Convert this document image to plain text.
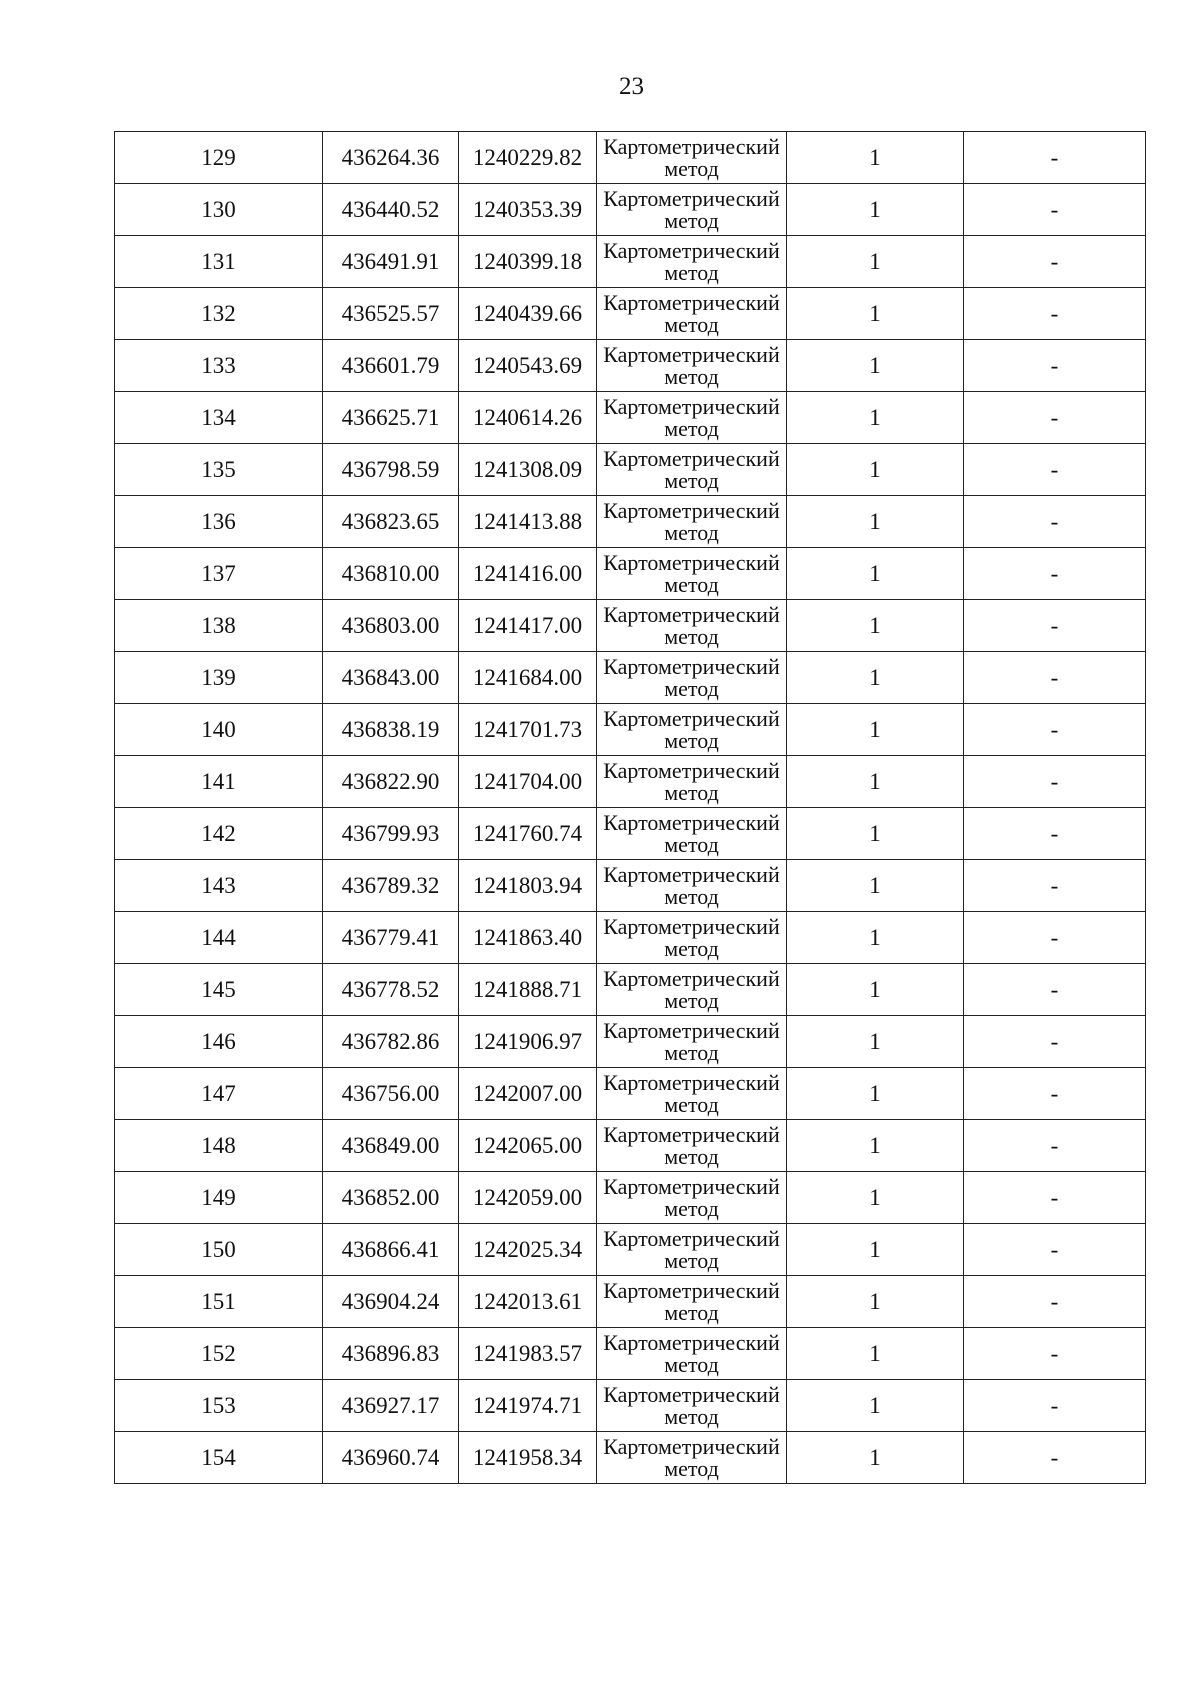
23
129	436264.36	1240229.82	Картометрический метод	1	-
130	436440.52	1240353.39	Картометрический метод	1	-
131	436491.91	1240399.18	Картометрический метод	1	-
132	436525.57	1240439.66	Картометрический метод	1	-
133	436601.79	1240543.69	Картометрический метод	1	-
134	436625.71	1240614.26	Картометрический метод	1	-
135	436798.59	1241308.09	Картометрический метод	1	-
136	436823.65	1241413.88	Картометрический метод	1	-
137	436810.00	1241416.00	Картометрический метод	1	-
138	436803.00	1241417.00	Картометрический метод	1	-
139	436843.00	1241684.00	Картометрический метод	1	-
140	436838.19	1241701.73	Картометрический метод	1	-
141	436822.90	1241704.00	Картометрический метод	1	-
142	436799.93	1241760.74	Картометрический метод	1	-
143	436789.32	1241803.94	Картометрический метод	1	-
144	436779.41	1241863.40	Картометрический метод	1	-
145	436778.52	1241888.71	Картометрический метод	1	-
146	436782.86	1241906.97	Картометрический метод	1	-
147	436756.00	1242007.00	Картометрический метод	1	-
148	436849.00	1242065.00	Картометрический метод	1	-
149	436852.00	1242059.00	Картометрический метод	1	-
150	436866.41	1242025.34	Картометрический метод	1	-
151	436904.24	1242013.61	Картометрический метод	1	-
152	436896.83	1241983.57	Картометрический метод	1	-
153	436927.17	1241974.71	Картометрический метод	1	-
154	436960.74	1241958.34	Картометрический метод	1	-
